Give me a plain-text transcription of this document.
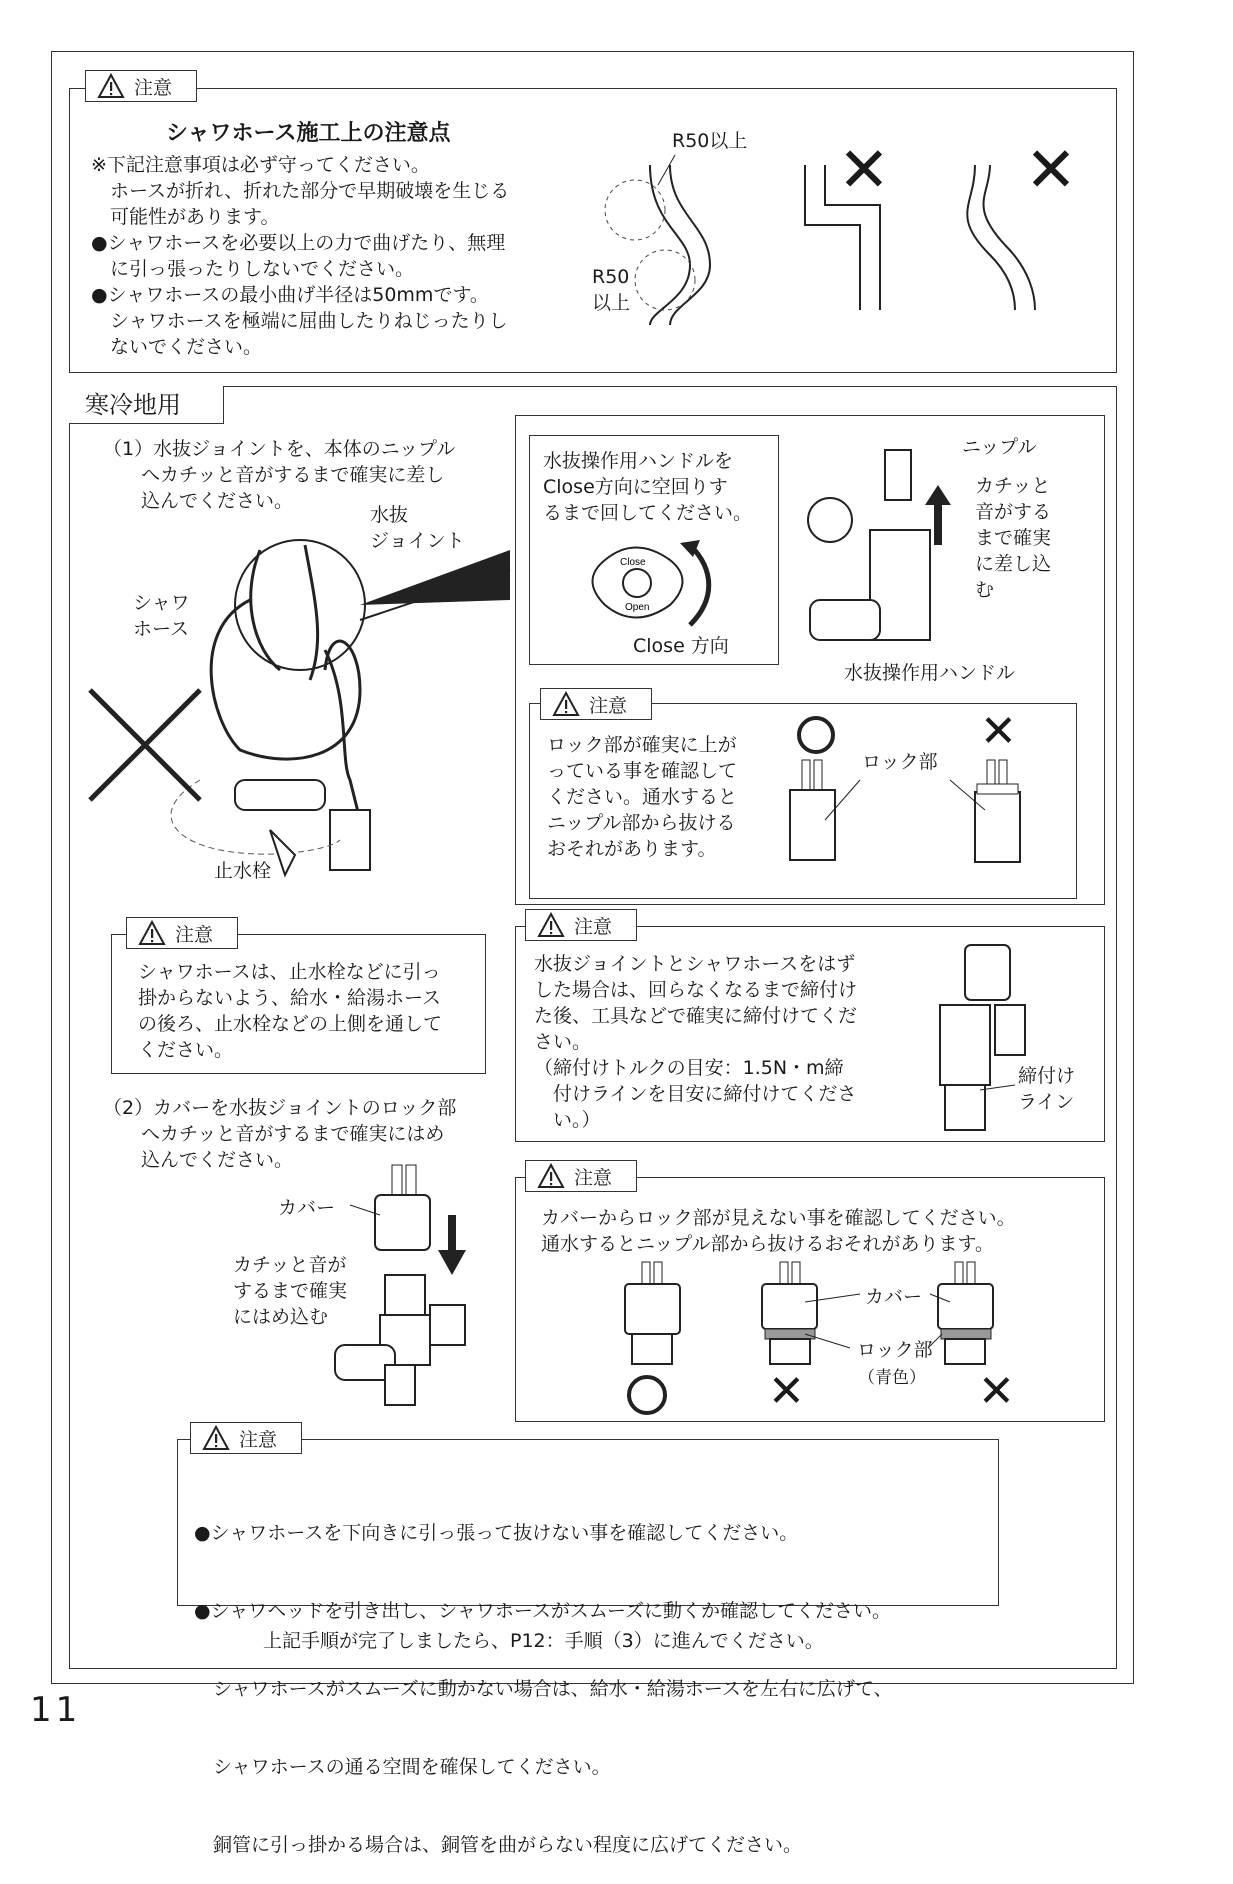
注意
シャワホース施工上の注意点
※下記注意事項は必ず守ってください。
　ホースが折れ、折れた部分で早期破壊を生じる
　可能性があります。
●シャワホースを必要以上の力で曲げたり、無理
　に引っ張ったりしないでください。
●シャワホースの最小曲げ半径は50mmです。
　シャワホースを極端に屈曲したりねじったりし
　ないでください。
✕ ✕
R50以上
R50
以上
寒冷地用
（1）水抜ジョイントを、本体のニップル
　　へカチッと音がするまで確実に差し
　　込んでください。
水抜
ジョイント
シャワ
ホース
止水栓
水抜操作用ハンドルを
Close方向に空回りす
るまで回してください。
Close
Open
Close 方向
ニップル
カチッと
音がする
まで確実
に差し込
む
水抜操作用ハンドル
注意
ロック部が確実に上が
っている事を確認して
ください。通水すると
ニップル部から抜ける
おそれがあります。
✕
ロック部
注意
シャワホースは、止水栓などに引っ
掛からないよう、給水・給湯ホース
の後ろ、止水栓などの上側を通して
ください。
注意
水抜ジョイントとシャワホースをはず
した場合は、回らなくなるまで締付け
た後、工具などで確実に締付けてくだ
さい。
（締付けトルクの目安：1.5N・m締
　付けラインを目安に締付けてくださ
　い。）
締付け
ライン
（2）カバーを水抜ジョイントのロック部
　　へカチッと音がするまで確実にはめ
　　込んでください。
カバー
カチッと音が
するまで確実
にはめ込む
注意
カバーからロック部が見えない事を確認してください。
通水するとニップル部から抜けるおそれがあります。
カバー
ロック部
（青色）
✕	✕
注意

●シャワホースを下向きに引っ張って抜けない事を確認してください。

●シャワヘッドを引き出し、シャワホースがスムーズに動くか確認してください。

　シャワホースがスムーズに動かない場合は、給水・給湯ホースを左右に広げて、

　シャワホースの通る空間を確保してください。

　銅管に引っ掛かる場合は、銅管を曲がらない程度に広げてください。

上記手順が完了しましたら、P12：手順（3）に進んでください。
11
